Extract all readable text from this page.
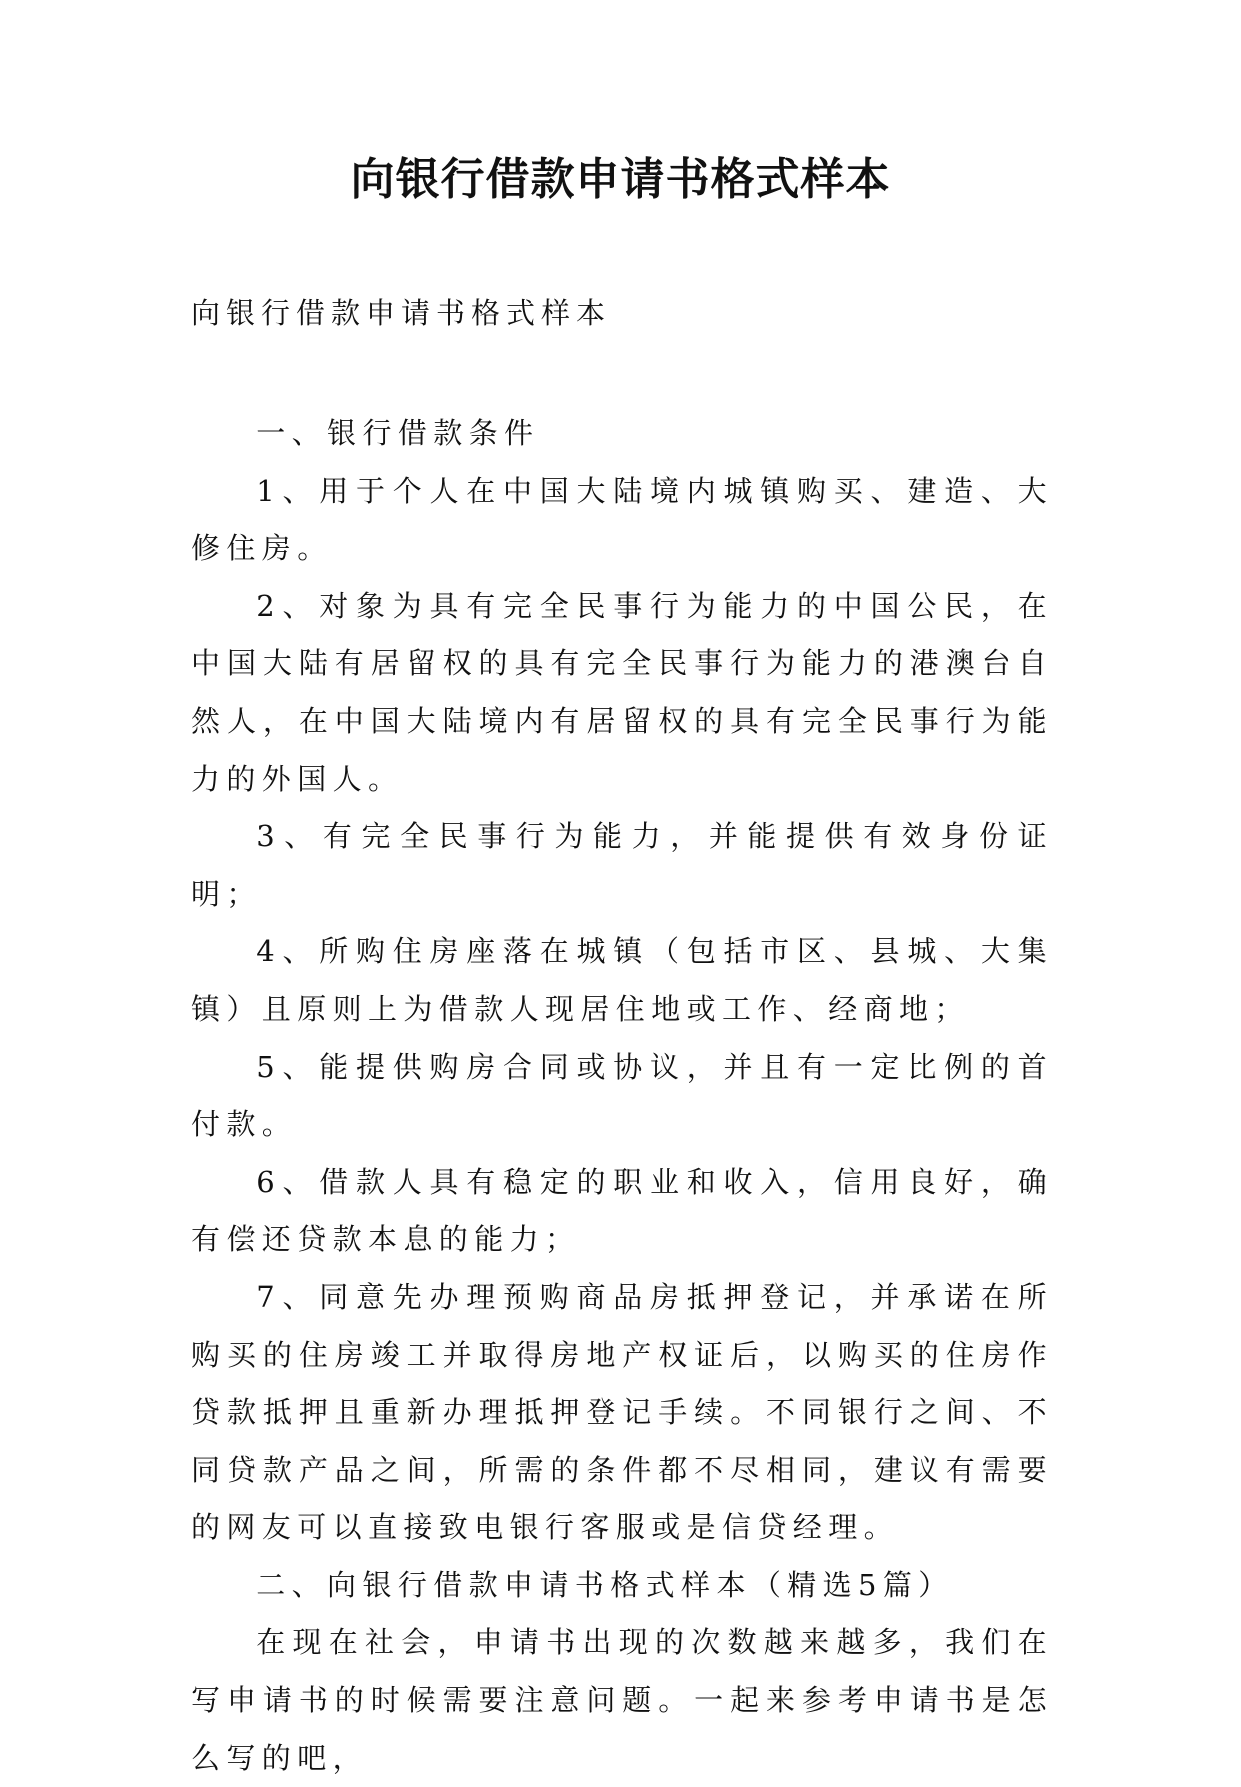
向银行借款申请书格式样本
向银行借款申请书格式样本

一、银行借款条件

1、用于个人在中国大陆境内城镇购买、建造、大修住房。

2、对象为具有完全民事行为能力的中国公民，在中国大陆有居留权的具有完全民事行为能力的港澳台自然人，在中国大陆境内有居留权的具有完全民事行为能力的外国人。

3、有完全民事行为能力，并能提供有效身份证明；

4、所购住房座落在城镇（包括市区、县城、大集镇）且原则上为借款人现居住地或工作、经商地；

5、能提供购房合同或协议，并且有一定比例的首付款。

6、借款人具有稳定的职业和收入，信用良好，确有偿还贷款本息的能力；

7、同意先办理预购商品房抵押登记，并承诺在所购买的住房竣工并取得房地产权证后，以购买的住房作贷款抵押且重新办理抵押登记手续。不同银行之间、不同贷款产品之间，所需的条件都不尽相同，建议有需要的网友可以直接致电银行客服或是信贷经理。

二、向银行借款申请书格式样本（精选5篇）

在现在社会，申请书出现的次数越来越多，我们在写申请书的时候需要注意问题。一起来参考申请书是怎么写的吧，
